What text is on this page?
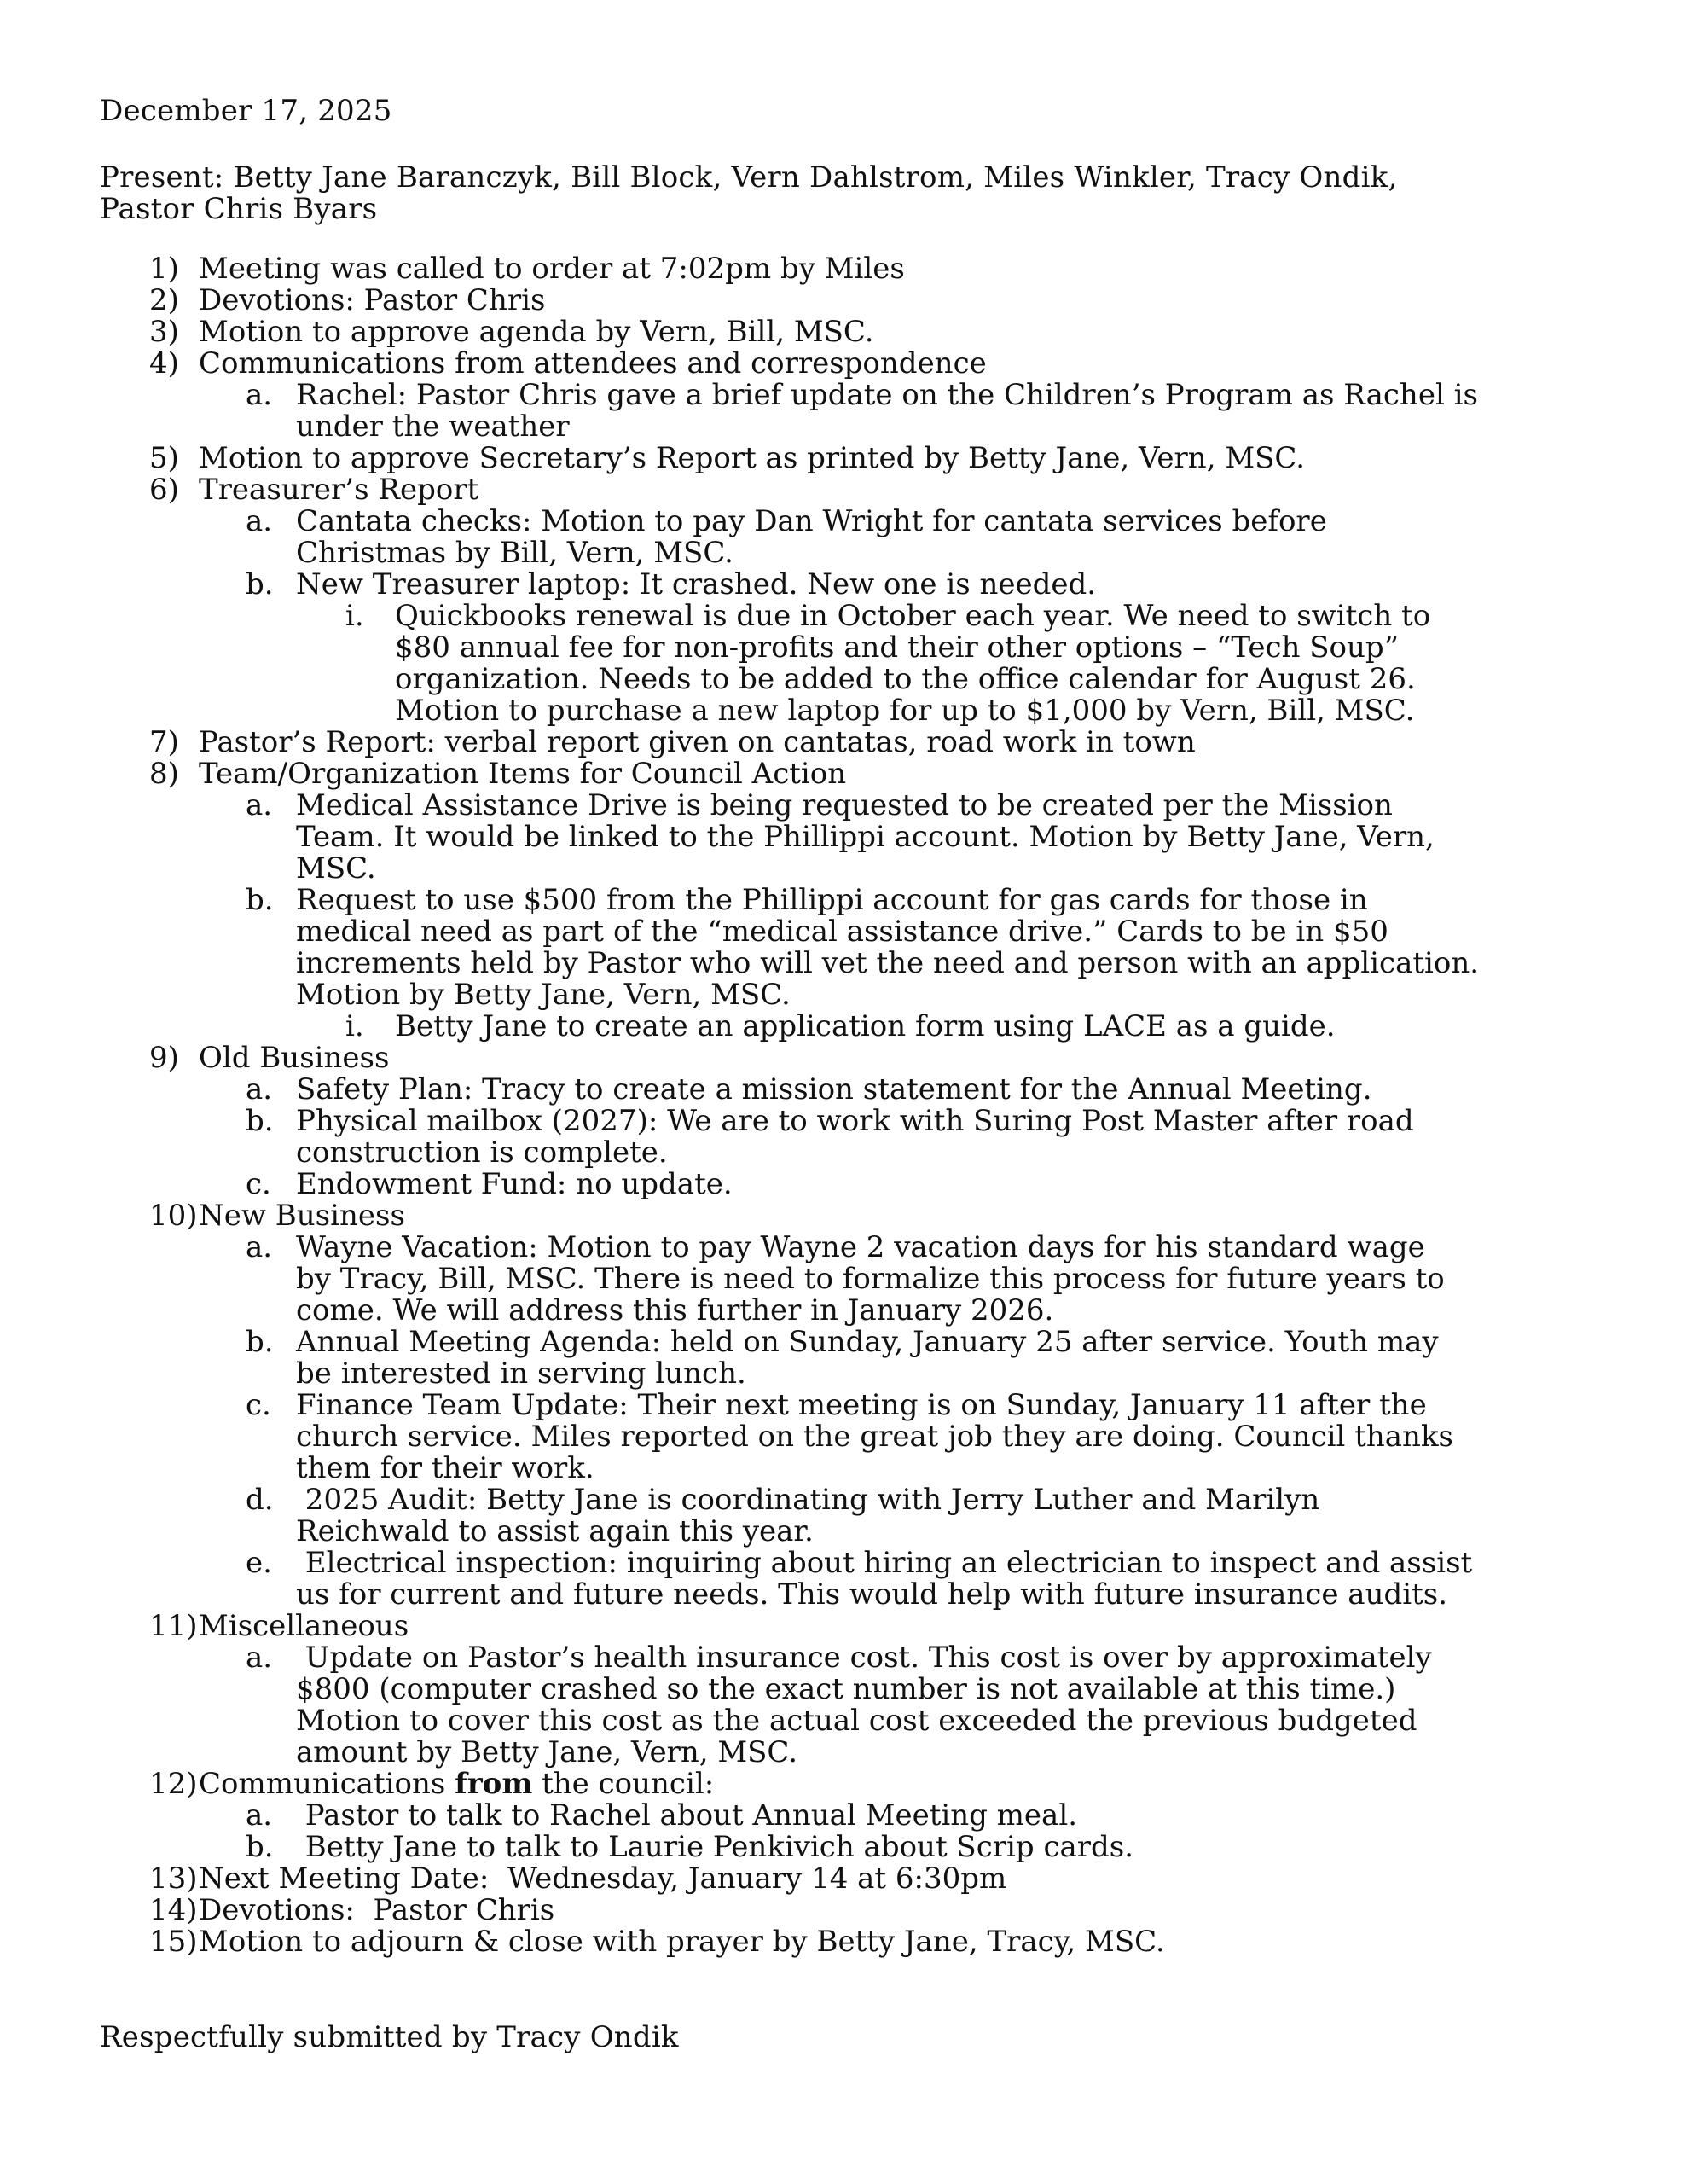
December 17, 2025
Present: Betty Jane Baranczyk, Bill Block, Vern Dahlstrom, Miles Winkler, Tracy Ondik,
Pastor Chris Byars
1) Meeting was called to order at 7:02pm by Miles
2) Devotions: Pastor Chris
3) Motion to approve agenda by Vern, Bill, MSC.
4) Communications from attendees and correspondence
a. Rachel: Pastor Chris gave a brief update on the Children’s Program as Rachel is
under the weather
5) Motion to approve Secretary’s Report as printed by Betty Jane, Vern, MSC.
6) Treasurer’s Report
a. Cantata checks: Motion to pay Dan Wright for cantata services before
Christmas by Bill, Vern, MSC.
b. New Treasurer laptop: It crashed. New one is needed.
i. Quickbooks renewal is due in October each year. We need to switch to
$80 annual fee for non-profits and their other options – “Tech Soup”
organization. Needs to be added to the office calendar for August 26.
Motion to purchase a new laptop for up to $1,000 by Vern, Bill, MSC.
7) Pastor’s Report: verbal report given on cantatas, road work in town
8) Team/Organization Items for Council Action
a. Medical Assistance Drive is being requested to be created per the Mission
Team. It would be linked to the Phillippi account. Motion by Betty Jane, Vern,
MSC.
b. Request to use $500 from the Phillippi account for gas cards for those in
medical need as part of the “medical assistance drive.” Cards to be in $50
increments held by Pastor who will vet the need and person with an application.
Motion by Betty Jane, Vern, MSC.
i. Betty Jane to create an application form using LACE as a guide.
9) Old Business
a. Safety Plan: Tracy to create a mission statement for the Annual Meeting.
b. Physical mailbox (2027): We are to work with Suring Post Master after road
construction is complete.
c. Endowment Fund: no update.
10) New Business
a. Wayne Vacation: Motion to pay Wayne 2 vacation days for his standard wage
by Tracy, Bill, MSC. There is need to formalize this process for future years to
come. We will address this further in January 2026.
b. Annual Meeting Agenda: held on Sunday, January 25 after service. Youth may
be interested in serving lunch.
c. Finance Team Update: Their next meeting is on Sunday, January 11 after the
church service. Miles reported on the great job they are doing. Council thanks
them for their work.
d. 2025 Audit: Betty Jane is coordinating with Jerry Luther and Marilyn
Reichwald to assist again this year.
e. Electrical inspection: inquiring about hiring an electrician to inspect and assist
us for current and future needs. This would help with future insurance audits.
11) Miscellaneous
a. Update on Pastor’s health insurance cost. This cost is over by approximately
$800 (computer crashed so the exact number is not available at this time.)
Motion to cover this cost as the actual cost exceeded the previous budgeted
amount by Betty Jane, Vern, MSC.
12) Communications from the council:
a. Pastor to talk to Rachel about Annual Meeting meal.
b. Betty Jane to talk to Laurie Penkivich about Scrip cards.
13) Next Meeting Date:  Wednesday, January 14 at 6:30pm
14) Devotions:  Pastor Chris
15) Motion to adjourn & close with prayer by Betty Jane, Tracy, MSC.
Respectfully submitted by Tracy Ondik
